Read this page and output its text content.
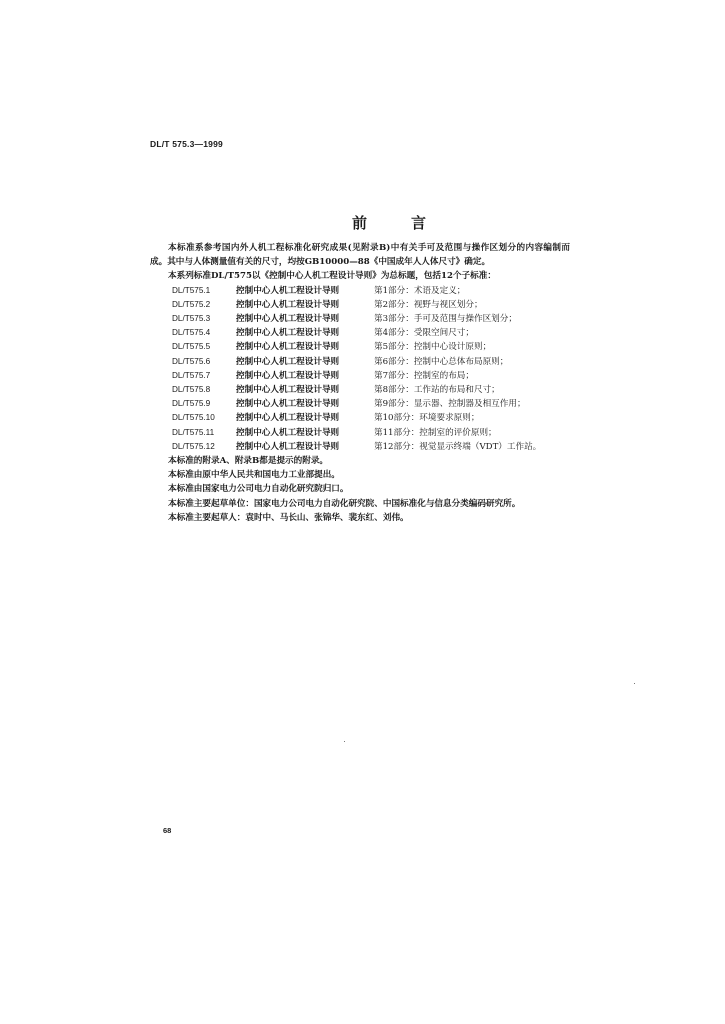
DL/T 575.3—1999
前言

本标准系参考国内外人机工程标准化研究成果(见附录B)中有关手可及范围与操作区划分的内容编制而成。其中与人体测量值有关的尺寸，均按GB10000—88《中国成年人人体尺寸》确定。

本系列标准DL/T575以《控制中心人机工程设计导则》为总标题，包括12个子标准：

DL/T575.1	控制中心人机工程设计导则	第1部分：术语及定义；
DL/T575.2	控制中心人机工程设计导则	第2部分：视野与视区划分；
DL/T575.3	控制中心人机工程设计导则	第3部分：手可及范围与操作区划分；
DL/T575.4	控制中心人机工程设计导则	第4部分：受限空间尺寸；
DL/T575.5	控制中心人机工程设计导则	第5部分：控制中心设计原则；
DL/T575.6	控制中心人机工程设计导则	第6部分：控制中心总体布局原则；
DL/T575.7	控制中心人机工程设计导则	第7部分：控制室的布局；
DL/T575.8	控制中心人机工程设计导则	第8部分：工作站的布局和尺寸；
DL/T575.9	控制中心人机工程设计导则	第9部分：显示器、控制器及相互作用；
DL/T575.10	控制中心人机工程设计导则	第10部分：环境要求原则；
DL/T575.11	控制中心人机工程设计导则	第11部分：控制室的评价原则；
DL/T575.12	控制中心人机工程设计导则	第12部分：视觉显示终端（VDT）工作站。

本标准的附录A、附录B都是提示的附录。

本标准由原中华人民共和国电力工业部提出。

本标准由国家电力公司电力自动化研究院归口。

本标准主要起草单位：国家电力公司电力自动化研究院、中国标准化与信息分类编码研究所。

本标准主要起草人：袁时中、马长山、张锦华、裴东红、刘伟。

68
